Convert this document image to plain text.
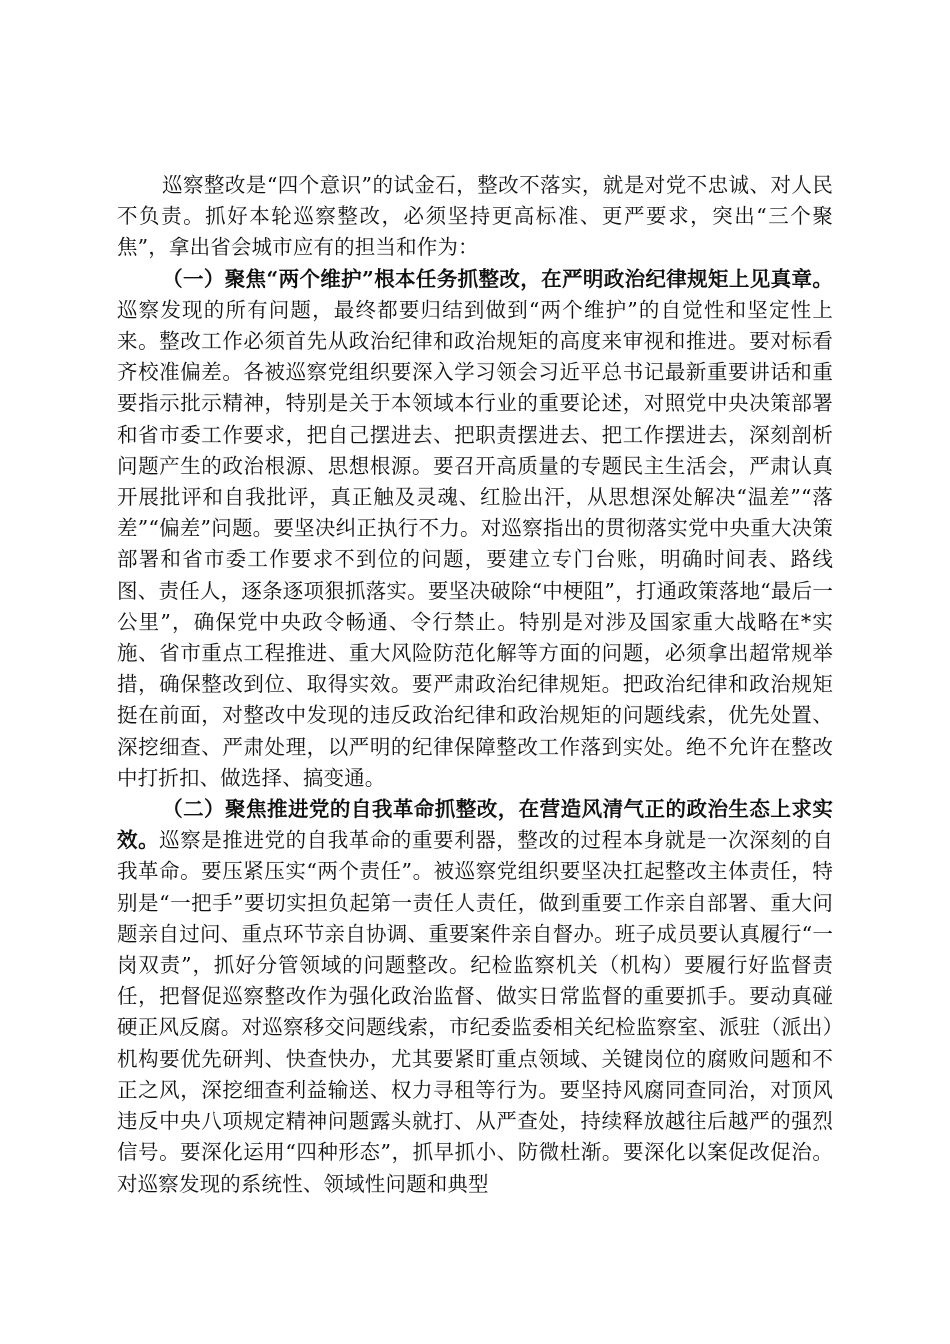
巡察整改是“四个意识”的试金石，整改不落实，就是对党不忠诚、对人民不负责。抓好本轮巡察整改，必须坚持更高标准、更严要求，突出“三个聚焦”，拿出省会城市应有的担当和作为：

（一）聚焦“两个维护”根本任务抓整改，在严明政治纪律规矩上见真章。巡察发现的所有问题，最终都要归结到做到“两个维护”的自觉性和坚定性上来。整改工作必须首先从政治纪律和政治规矩的高度来审视和推进。要对标看齐校准偏差。各被巡察党组织要深入学习领会习近平总书记最新重要讲话和重要指示批示精神，特别是关于本领域本行业的重要论述，对照党中央决策部署和省市委工作要求，把自己摆进去、把职责摆进去、把工作摆进去，深刻剖析问题产生的政治根源、思想根源。要召开高质量的专题民主生活会，严肃认真开展批评和自我批评，真正触及灵魂、红脸出汗，从思想深处解决“温差”“落差”“偏差”问题。要坚决纠正执行不力。对巡察指出的贯彻落实党中央重大决策部署和省市委工作要求不到位的问题，要建立专门台账，明确时间表、路线图、责任人，逐条逐项狠抓落实。要坚决破除“中梗阻”，打通政策落地“最后一公里”，确保党中央政令畅通、令行禁止。特别是对涉及国家重大战略在*实施、省市重点工程推进、重大风险防范化解等方面的问题，必须拿出超常规举措，确保整改到位、取得实效。要严肃政治纪律规矩。把政治纪律和政治规矩挺在前面，对整改中发现的违反政治纪律和政治规矩的问题线索，优先处置、深挖细查、严肃处理，以严明的纪律保障整改工作落到实处。绝不允许在整改中打折扣、做选择、搞变通。

（二）聚焦推进党的自我革命抓整改，在营造风清气正的政治生态上求实效。巡察是推进党的自我革命的重要利器，整改的过程本身就是一次深刻的自我革命。要压紧压实“两个责任”。被巡察党组织要坚决扛起整改主体责任，特别是“一把手”要切实担负起第一责任人责任，做到重要工作亲自部署、重大问题亲自过问、重点环节亲自协调、重要案件亲自督办。班子成员要认真履行“一岗双责”，抓好分管领域的问题整改。纪检监察机关（机构）要履行好监督责任，把督促巡察整改作为强化政治监督、做实日常监督的重要抓手。要动真碰硬正风反腐。对巡察移交问题线索，市纪委监委相关纪检监察室、派驻（派出）机构要优先研判、快查快办，尤其要紧盯重点领域、关键岗位的腐败问题和不正之风，深挖细查利益输送、权力寻租等行为。要坚持风腐同查同治，对顶风违反中央八项规定精神问题露头就打、从严查处，持续释放越往后越严的强烈信号。要深化运用“四种形态”，抓早抓小、防微杜渐。要深化以案促改促治。对巡察发现的系统性、领域性问题和典型
